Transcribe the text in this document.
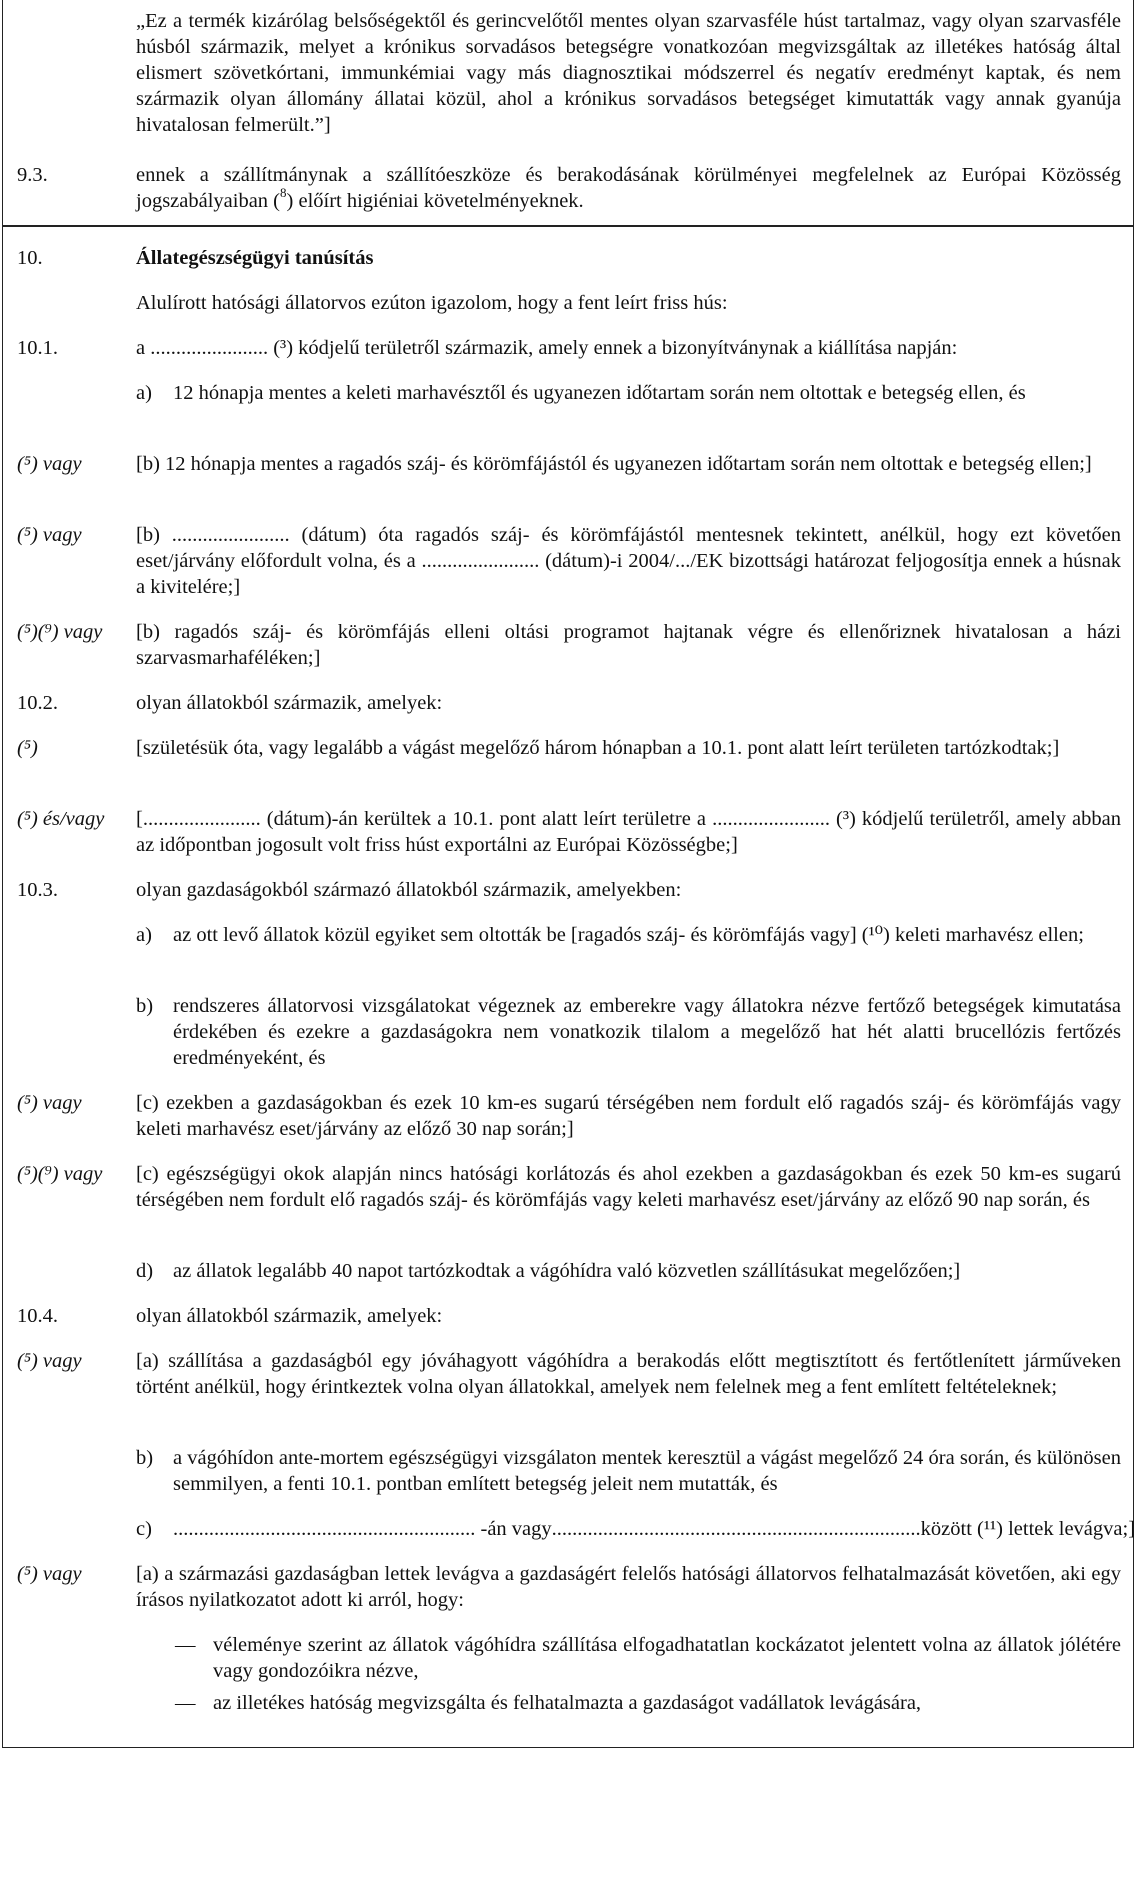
„Ez a termék kizárólag belsőségektől és gerincvelőtől mentes olyan szarvasféle húst tartalmaz, vagy olyan szarvasféle húsból származik, melyet a krónikus sorvadásos betegségre vonatkozóan megvizsgáltak az illetékes hatóság által elismert szövetkórtani, immunkémiai vagy más diagnosztikai módszerrel és negatív eredményt kaptak, és nem származik olyan állomány állatai közül, ahol a krónikus sorvadásos betegséget kimutatták vagy annak gyanúja hivatalosan felmerült.”]
9.3.	ennek a szállítmánynak a szállítóeszköze és berakodásának körülményei megfelelnek az Európai Közösség jogszabályaiban ($^8$) előírt higiéniai követelményeknek.
10.	Állategészségügyi tanúsítás
Alulírott hatósági állatorvos ezúton igazolom, hogy a fent leírt friss hús:
10.1.	a ....................... (³) kódjelű területről származik, amely ennek a bizonyítványnak a kiállítása napján:
a)	12 hónapja mentes a keleti marhavésztől és ugyanezen időtartam során nem oltottak e betegség ellen, és
(⁵) vagy	[b) 12 hónapja mentes a ragadós száj- és körömfájástól és ugyanezen időtartam során nem oltottak e betegség ellen;]
(⁵) vagy	[b) ....................... (dátum) óta ragadós száj- és körömfájástól mentesnek tekintett, anélkül, hogy ezt követően eset/járvány előfordult volna, és a ....................... (dátum)-i 2004/.../EK bizottsági határozat feljogosítja ennek a húsnak a kivitelére;]
(⁵)(⁹) vagy	[b) ragadós száj- és körömfájás elleni oltási programot hajtanak végre és ellenőriznek hivatalosan a házi szarvasmarhaféléken;]
10.2.	olyan állatokból származik, amelyek:
(⁵)	[születésük óta, vagy legalább a vágást megelőző három hónapban a 10.1. pont alatt leírt területen tartózkodtak;]
(⁵) és/vagy	[....................... (dátum)-án kerültek a 10.1. pont alatt leírt területre a ....................... (³) kódjelű területről, amely abban az időpontban jogosult volt friss húst exportálni az Európai Közösségbe;]
10.3.	olyan gazdaságokból származó állatokból származik, amelyekben:
a)	az ott levő állatok közül egyiket sem oltották be [ragadós száj- és körömfájás vagy] (¹⁰) keleti marhavész ellen;
b) rendszeres állatorvosi vizsgálatokat végeznek az emberekre vagy állatokra nézve fertőző betegségek kimutatása érdekében és ezekre a gazdaságokra nem vonatkozik tilalom a megelőző hat hét alatti brucellózis fertőzés eredményeként, és
(⁵) vagy	[c) ezekben a gazdaságokban és ezek 10 km-es sugarú térségében nem fordult elő ragadós száj- és körömfájás vagy keleti marhavész eset/járvány az előző 30 nap során;]
(⁵)(⁹) vagy	[c) egészségügyi okok alapján nincs hatósági korlátozás és ahol ezekben a gazdaságokban és ezek 50 km-es sugarú térségében nem fordult elő ragadós száj- és körömfájás vagy keleti marhavész eset/járvány az előző 90 nap során, és
d) az állatok legalább 40 napot tartózkodtak a vágóhídra való közvetlen szállításukat megelőzően;]
10.4.	olyan állatokból származik, amelyek:
(⁵) vagy	[a) szállítása a gazdaságból egy jóváhagyott vágóhídra a berakodás előtt megtisztított és fertőtlenített járműveken történt anélkül, hogy érintkeztek volna olyan állatokkal, amelyek nem felelnek meg a fent említett feltételeknek;
b) a vágóhídon ante-mortem egészségügyi vizsgálaton mentek keresztül a vágást megelőző 24 óra során, és különösen semmilyen, a fenti 10.1. pontban említett betegség jeleit nem mutatták, és
c)	........................................................... -án vagy ........................................................................ között (¹¹) lettek levágva;]
(⁵) vagy	[a) a származási gazdaságban lettek levágva a gazdaságért felelős hatósági állatorvos felhatalmazását követően, aki egy írásos nyilatkozatot adott ki arról, hogy:
— véleménye szerint az állatok vágóhídra szállítása elfogadhatatlan kockázatot jelentett volna az állatok jólétére vagy gondozóikra nézve,
— az illetékes hatóság megvizsgálta és felhatalmazta a gazdaságot vadállatok levágására,
